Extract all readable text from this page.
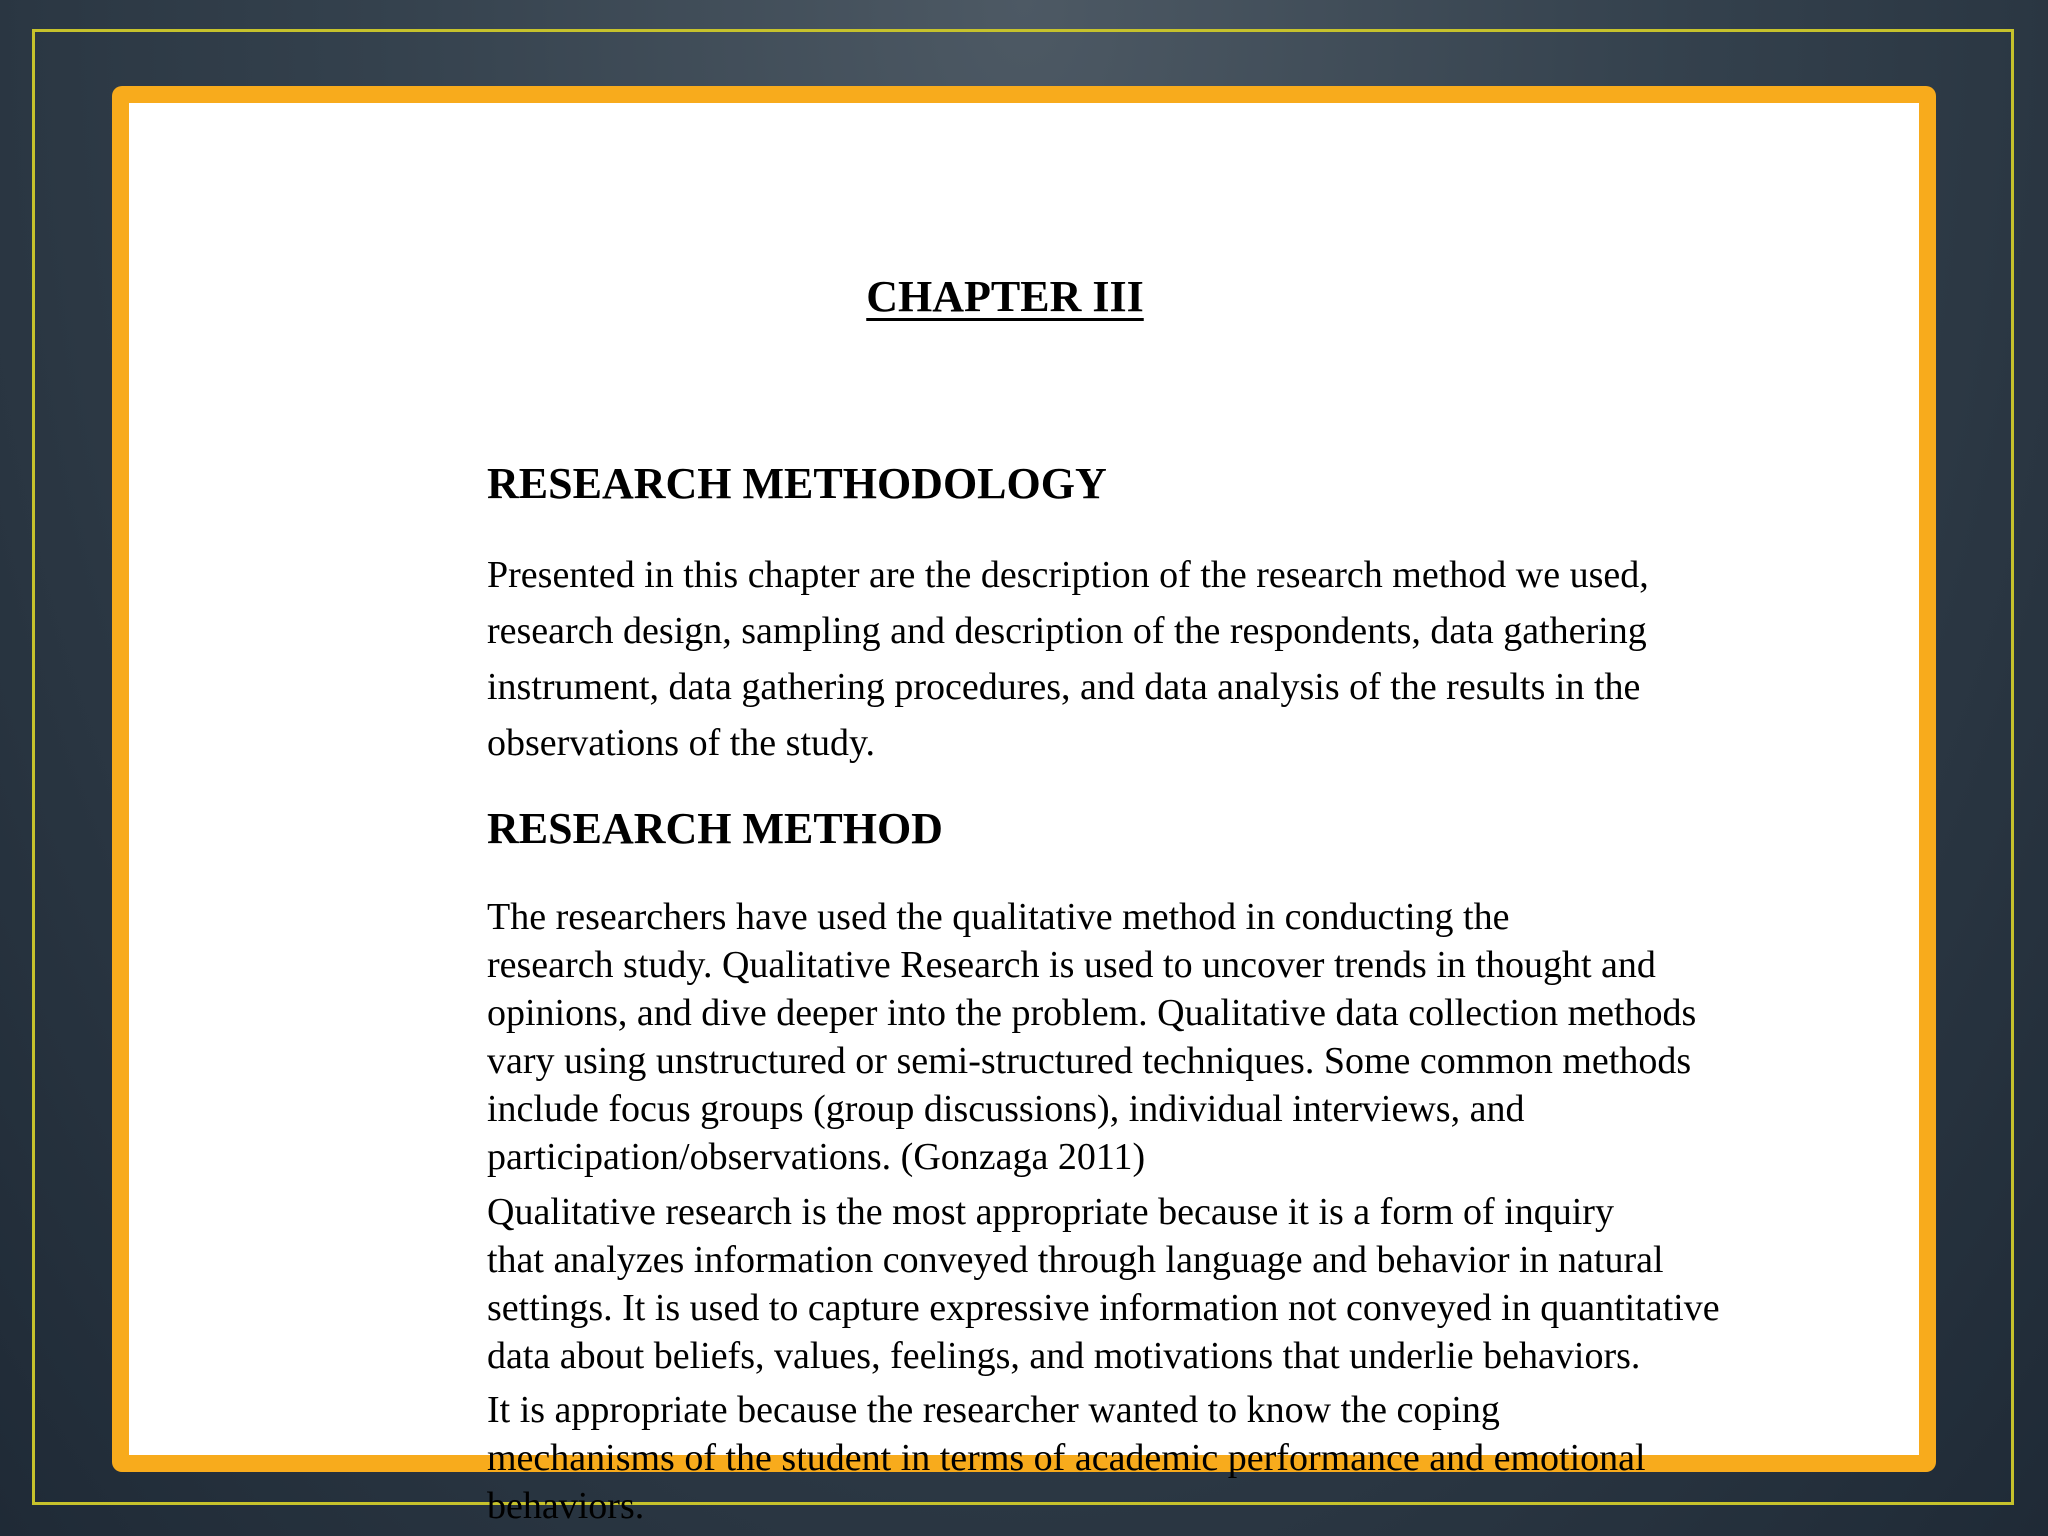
CHAPTER III
RESEARCH METHODOLOGY

Presented in this chapter are the description of the research method we used,
research design, sampling and description of the respondents, data gathering
instrument, data gathering procedures, and data analysis of the results in the
observations of the study.

RESEARCH METHOD

The researchers have used the qualitative method in conducting the
research study. Qualitative Research is used to uncover trends in thought and
opinions, and dive deeper into the problem. Qualitative data collection methods
vary using unstructured or semi-structured techniques. Some common methods
include focus groups (group discussions), individual interviews, and
participation/observations. (Gonzaga 2011)

Qualitative research is the most appropriate because it is a form of inquiry
that analyzes information conveyed through language and behavior in natural
settings. It is used to capture expressive information not conveyed in quantitative
data about beliefs, values, feelings, and motivations that underlie behaviors.

It is appropriate because the researcher wanted to know the coping
mechanisms of the student in terms of academic performance and emotional
behaviors.
